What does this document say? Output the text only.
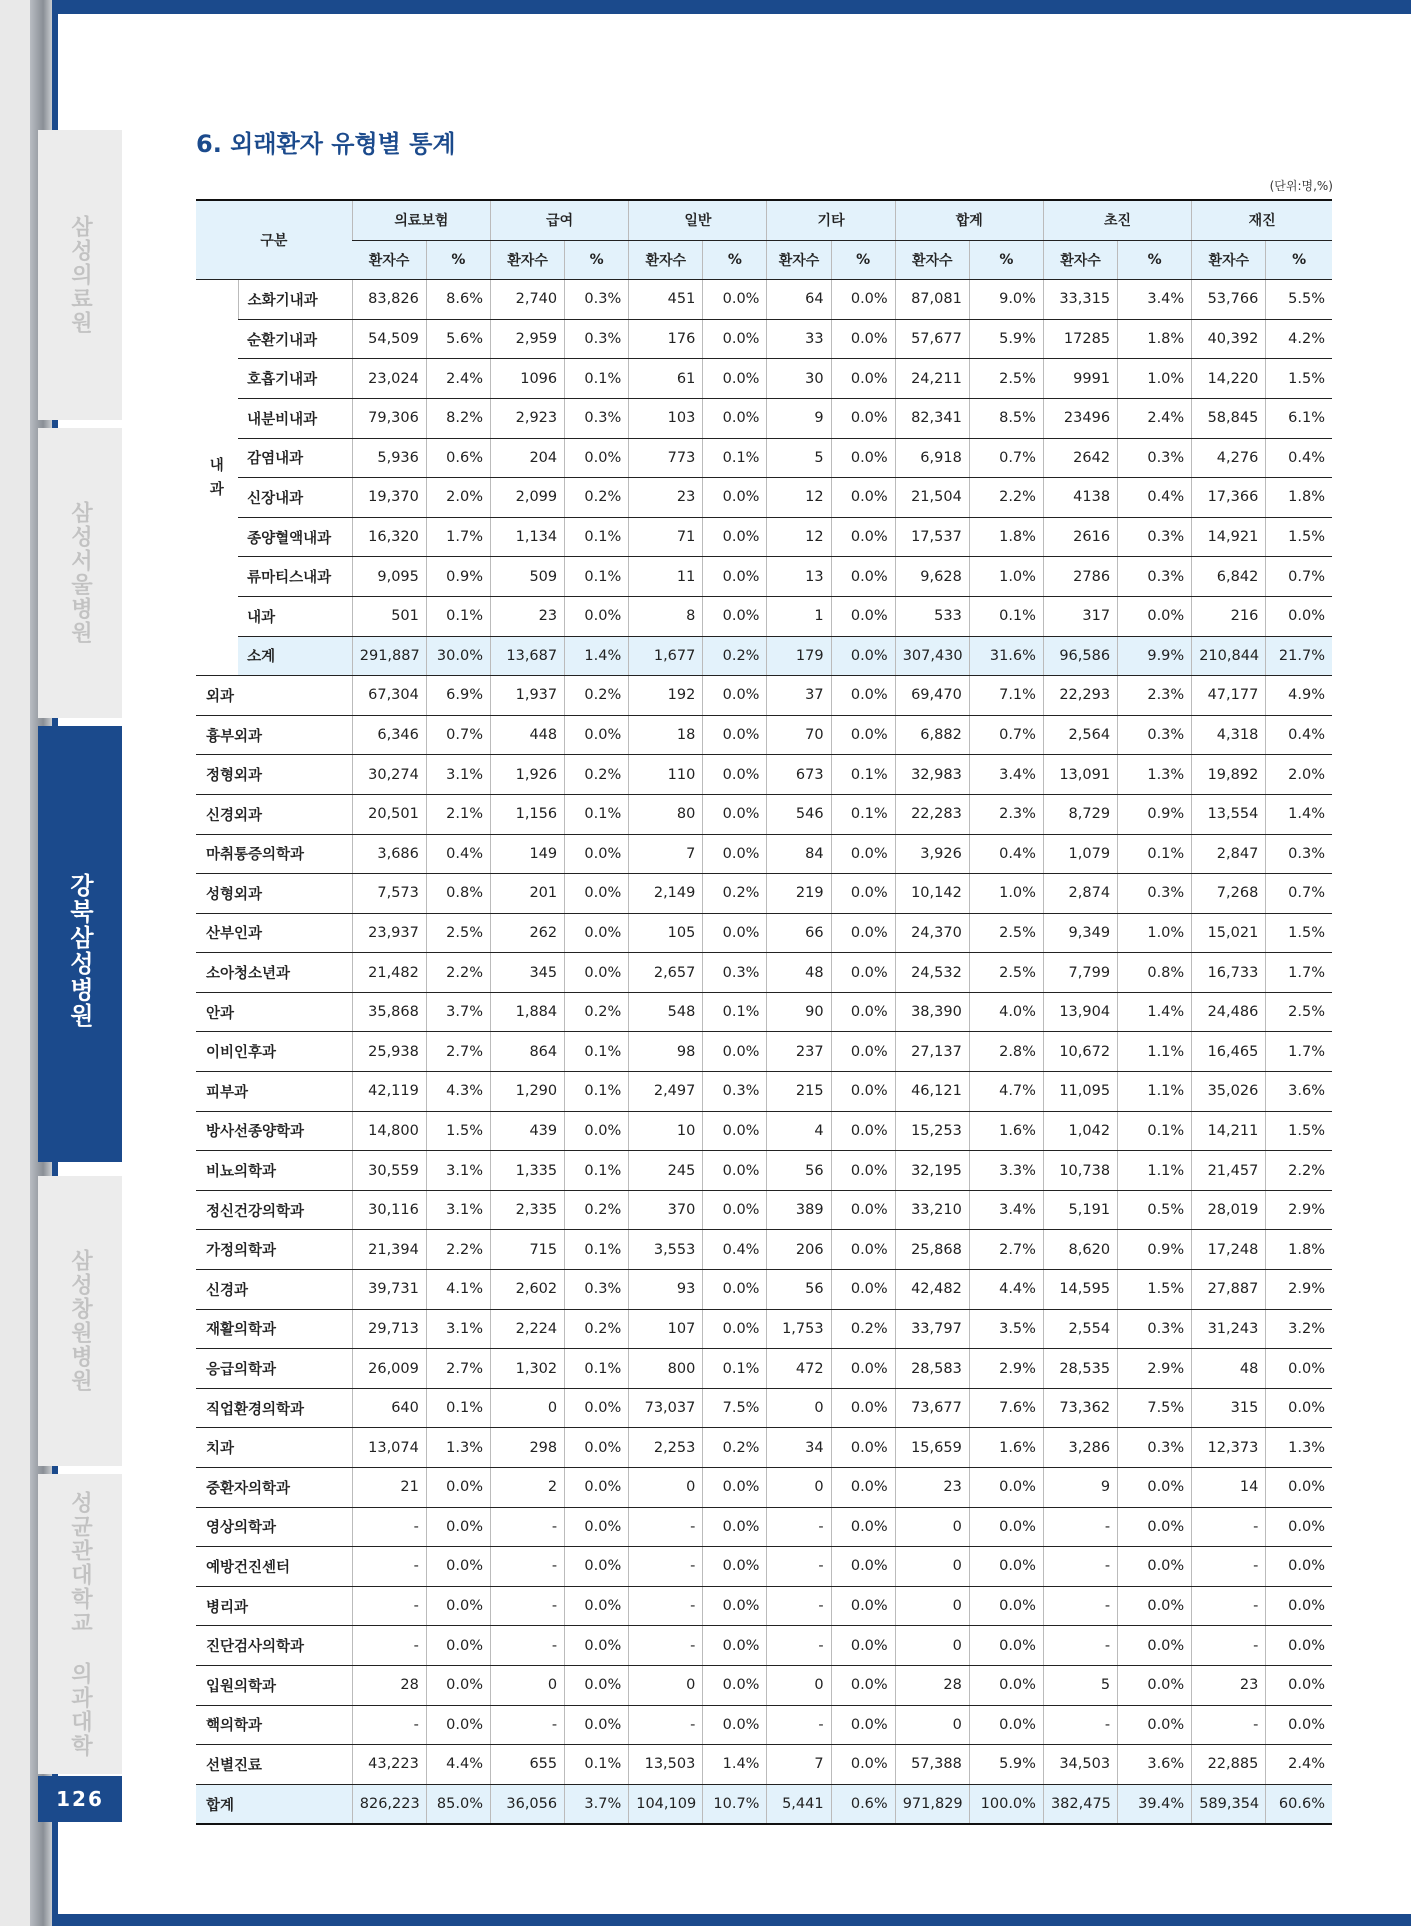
삼성의료원
삼성서울병원
강북삼성병원
삼성창원병원
성균관대학교 의과대학
126
6. 외래환자 유형별 통계
(단위:명,%)
구분		의료보험		급여		일반		기타		합계		초진		재진	
		환자수	%	환자수	%	환자수	%	환자수	%	환자수	%	환자수	%	환자수	%
내
과	소화기내과	83,826	8.6%	2,740	0.3%	451	0.0%	64	0.0%	87,081	9.0%	33,315	3.4%	53,766	5.5%
	순환기내과	54,509	5.6%	2,959	0.3%	176	0.0%	33	0.0%	57,677	5.9%	17285	1.8%	40,392	4.2%
	호흡기내과	23,024	2.4%	1096	0.1%	61	0.0%	30	0.0%	24,211	2.5%	9991	1.0%	14,220	1.5%
	내분비내과	79,306	8.2%	2,923	0.3%	103	0.0%	9	0.0%	82,341	8.5%	23496	2.4%	58,845	6.1%
	감염내과	5,936	0.6%	204	0.0%	773	0.1%	5	0.0%	6,918	0.7%	2642	0.3%	4,276	0.4%
	신장내과	19,370	2.0%	2,099	0.2%	23	0.0%	12	0.0%	21,504	2.2%	4138	0.4%	17,366	1.8%
	종양혈액내과	16,320	1.7%	1,134	0.1%	71	0.0%	12	0.0%	17,537	1.8%	2616	0.3%	14,921	1.5%
	류마티스내과	9,095	0.9%	509	0.1%	11	0.0%	13	0.0%	9,628	1.0%	2786	0.3%	6,842	0.7%
	내과	501	0.1%	23	0.0%	8	0.0%	1	0.0%	533	0.1%	317	0.0%	216	0.0%
	소계	291,887	30.0%	13,687	1.4%	1,677	0.2%	179	0.0%	307,430	31.6%	96,586	9.9%	210,844	21.7%
외과		67,304	6.9%	1,937	0.2%	192	0.0%	37	0.0%	69,470	7.1%	22,293	2.3%	47,177	4.9%
흉부외과		6,346	0.7%	448	0.0%	18	0.0%	70	0.0%	6,882	0.7%	2,564	0.3%	4,318	0.4%
정형외과		30,274	3.1%	1,926	0.2%	110	0.0%	673	0.1%	32,983	3.4%	13,091	1.3%	19,892	2.0%
신경외과		20,501	2.1%	1,156	0.1%	80	0.0%	546	0.1%	22,283	2.3%	8,729	0.9%	13,554	1.4%
마취통증의학과		3,686	0.4%	149	0.0%	7	0.0%	84	0.0%	3,926	0.4%	1,079	0.1%	2,847	0.3%
성형외과		7,573	0.8%	201	0.0%	2,149	0.2%	219	0.0%	10,142	1.0%	2,874	0.3%	7,268	0.7%
산부인과		23,937	2.5%	262	0.0%	105	0.0%	66	0.0%	24,370	2.5%	9,349	1.0%	15,021	1.5%
소아청소년과		21,482	2.2%	345	0.0%	2,657	0.3%	48	0.0%	24,532	2.5%	7,799	0.8%	16,733	1.7%
안과		35,868	3.7%	1,884	0.2%	548	0.1%	90	0.0%	38,390	4.0%	13,904	1.4%	24,486	2.5%
이비인후과		25,938	2.7%	864	0.1%	98	0.0%	237	0.0%	27,137	2.8%	10,672	1.1%	16,465	1.7%
피부과		42,119	4.3%	1,290	0.1%	2,497	0.3%	215	0.0%	46,121	4.7%	11,095	1.1%	35,026	3.6%
방사선종양학과		14,800	1.5%	439	0.0%	10	0.0%	4	0.0%	15,253	1.6%	1,042	0.1%	14,211	1.5%
비뇨의학과		30,559	3.1%	1,335	0.1%	245	0.0%	56	0.0%	32,195	3.3%	10,738	1.1%	21,457	2.2%
정신건강의학과		30,116	3.1%	2,335	0.2%	370	0.0%	389	0.0%	33,210	3.4%	5,191	0.5%	28,019	2.9%
가정의학과		21,394	2.2%	715	0.1%	3,553	0.4%	206	0.0%	25,868	2.7%	8,620	0.9%	17,248	1.8%
신경과		39,731	4.1%	2,602	0.3%	93	0.0%	56	0.0%	42,482	4.4%	14,595	1.5%	27,887	2.9%
재활의학과		29,713	3.1%	2,224	0.2%	107	0.0%	1,753	0.2%	33,797	3.5%	2,554	0.3%	31,243	3.2%
응급의학과		26,009	2.7%	1,302	0.1%	800	0.1%	472	0.0%	28,583	2.9%	28,535	2.9%	48	0.0%
직업환경의학과		640	0.1%	0	0.0%	73,037	7.5%	0	0.0%	73,677	7.6%	73,362	7.5%	315	0.0%
치과		13,074	1.3%	298	0.0%	2,253	0.2%	34	0.0%	15,659	1.6%	3,286	0.3%	12,373	1.3%
중환자의학과		21	0.0%	2	0.0%	0	0.0%	0	0.0%	23	0.0%	9	0.0%	14	0.0%
영상의학과		-	0.0%	-	0.0%	-	0.0%	-	0.0%	0	0.0%	-	0.0%	-	0.0%
예방건진센터		-	0.0%	-	0.0%	-	0.0%	-	0.0%	0	0.0%	-	0.0%	-	0.0%
병리과		-	0.0%	-	0.0%	-	0.0%	-	0.0%	0	0.0%	-	0.0%	-	0.0%
진단검사의학과		-	0.0%	-	0.0%	-	0.0%	-	0.0%	0	0.0%	-	0.0%	-	0.0%
입원의학과		28	0.0%	0	0.0%	0	0.0%	0	0.0%	28	0.0%	5	0.0%	23	0.0%
핵의학과		-	0.0%	-	0.0%	-	0.0%	-	0.0%	0	0.0%	-	0.0%	-	0.0%
선별진료		43,223	4.4%	655	0.1%	13,503	1.4%	7	0.0%	57,388	5.9%	34,503	3.6%	22,885	2.4%
합계		826,223	85.0%	36,056	3.7%	104,109	10.7%	5,441	0.6%	971,829	100.0%	382,475	39.4%	589,354	60.6%
